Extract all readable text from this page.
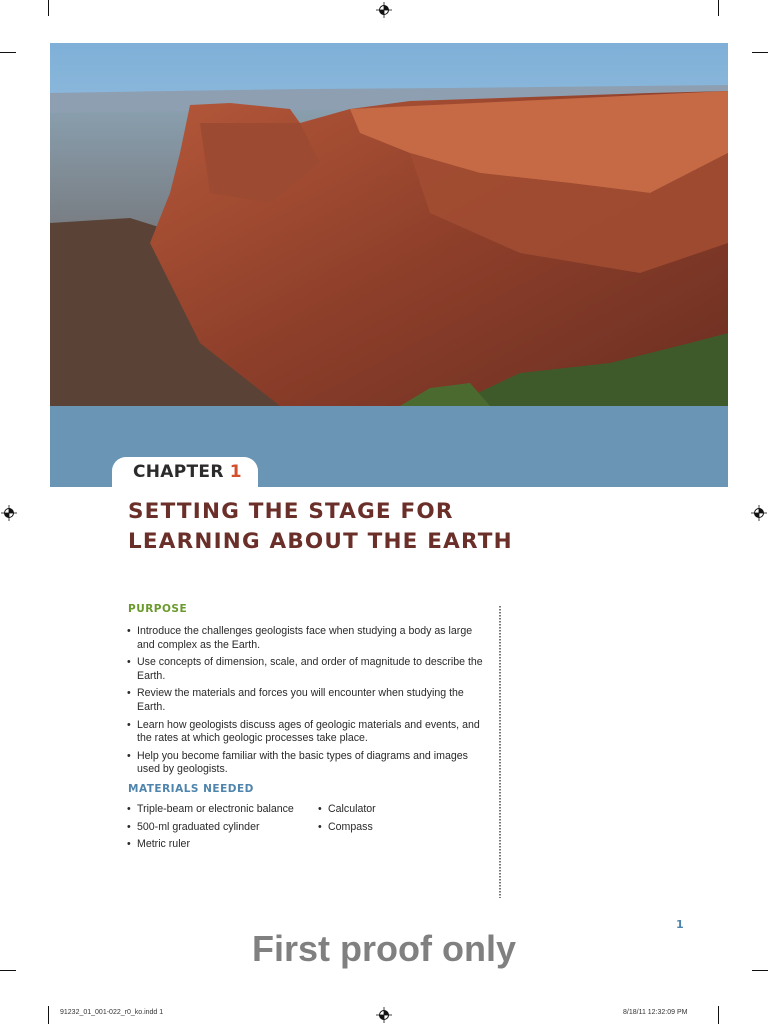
CHAPTER 1
SETTING THE STAGE FOR
LEARNING ABOUT THE EARTH
PURPOSE
• Introduce the challenges geologists face when studying a body as large and complex as the Earth.
• Use concepts of dimension, scale, and order of magnitude to describe the Earth.
• Review the materials and forces you will encounter when studying the Earth.
• Learn how geologists discuss ages of geologic materials and events, and the rates at which geologic processes take place.
• Help you become familiar with the basic types of diagrams and images used by geologists.
MATERIALS NEEDED
• Triple-beam or electronic balance
• 500-ml graduated cylinder
• Metric ruler
• Calculator
• Compass
1
First proof only
91232_01_001-022_r0_ko.indd 1	8/18/11 12:32:09 PM
